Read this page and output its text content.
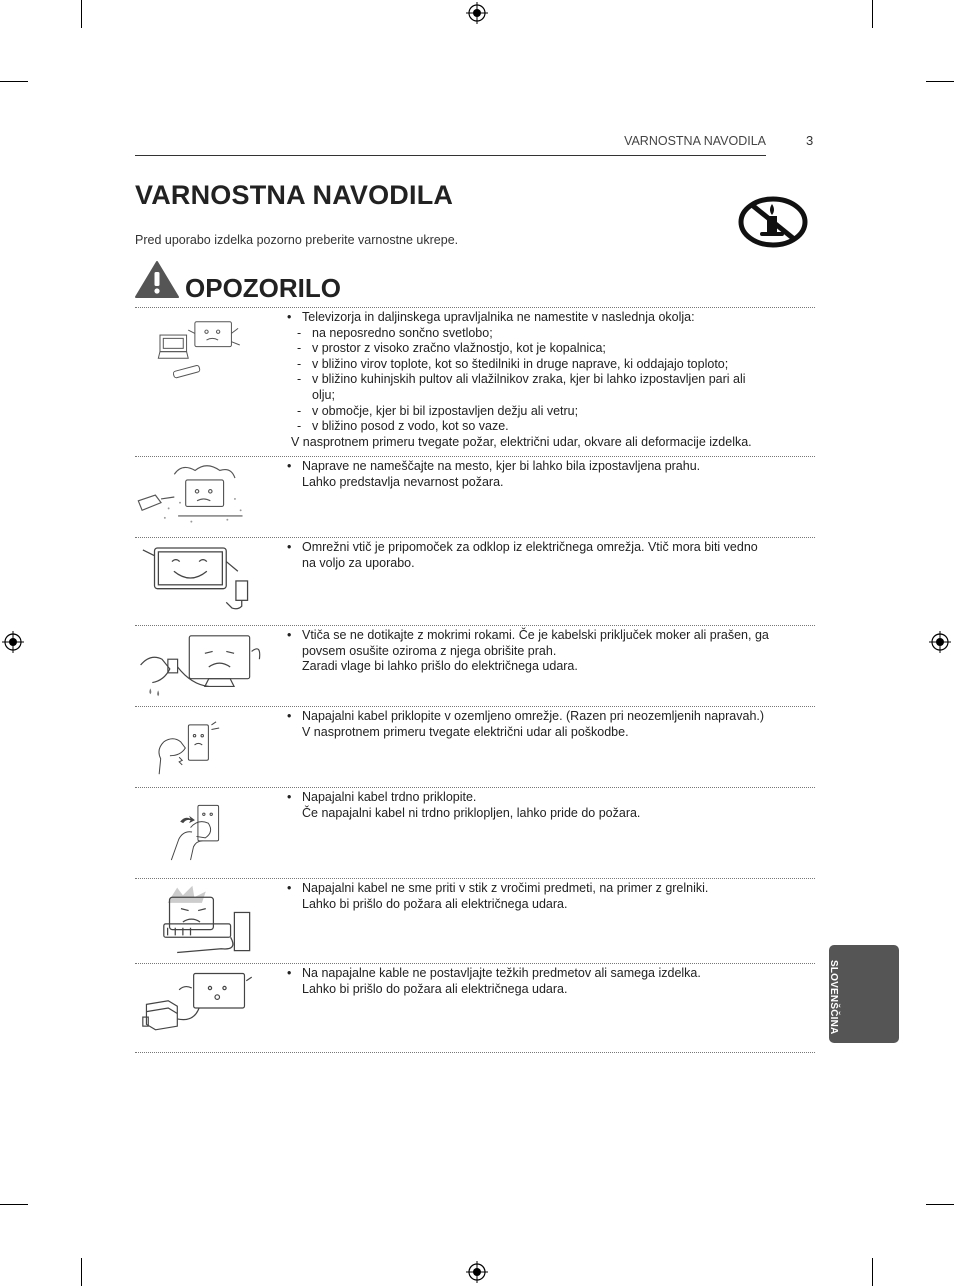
VARNOSTNA NAVODILA	3
VARNOSTNA NAVODILA
Pred uporabo izdelka pozorno preberite varnostne ukrepe.
OPOZORILO
• Televizorja in daljinskega upravljalnika ne namestite v naslednja okolja:
- na neposredno sončno svetlobo;
- v prostor z visoko zračno vlažnostjo, kot je kopalnica;
- v bližino virov toplote, kot so štedilniki in druge naprave, ki oddajajo toploto;
- v bližino kuhinjskih pultov ali vlažilnikov zraka, kjer bi lahko izpostavljen pari ali
olju;
- v območje, kjer bi bil izpostavljen dežju ali vetru;
- v bližino posod z vodo, kot so vaze.
V nasprotnem primeru tvegate požar, električni udar, okvare ali deformacije izdelka.
• Naprave ne nameščajte na mesto, kjer bi lahko bila izpostavljena prahu.
Lahko predstavlja nevarnost požara.
• Omrežni vtič je pripomoček za odklop iz električnega omrežja. Vtič mora biti vedno
na voljo za uporabo.
• Vtiča se ne dotikajte z mokrimi rokami. Če je kabelski priključek moker ali prašen, ga
povsem osušite oziroma z njega obrišite prah.
Zaradi vlage bi lahko prišlo do električnega udara.
• Napajalni kabel priklopite v ozemljeno omrežje. (Razen pri neozemljenih napravah.)
V nasprotnem primeru tvegate električni udar ali poškodbe.
• Napajalni kabel trdno priklopite.
Če napajalni kabel ni trdno priklopljen, lahko pride do požara.
• Napajalni kabel ne sme priti v stik z vročimi predmeti, na primer z grelniki.
Lahko bi prišlo do požara ali električnega udara.
• Na napajalne kable ne postavljajte težkih predmetov ali samega izdelka.
Lahko bi prišlo do požara ali električnega udara.	SLOVENŠČINA
